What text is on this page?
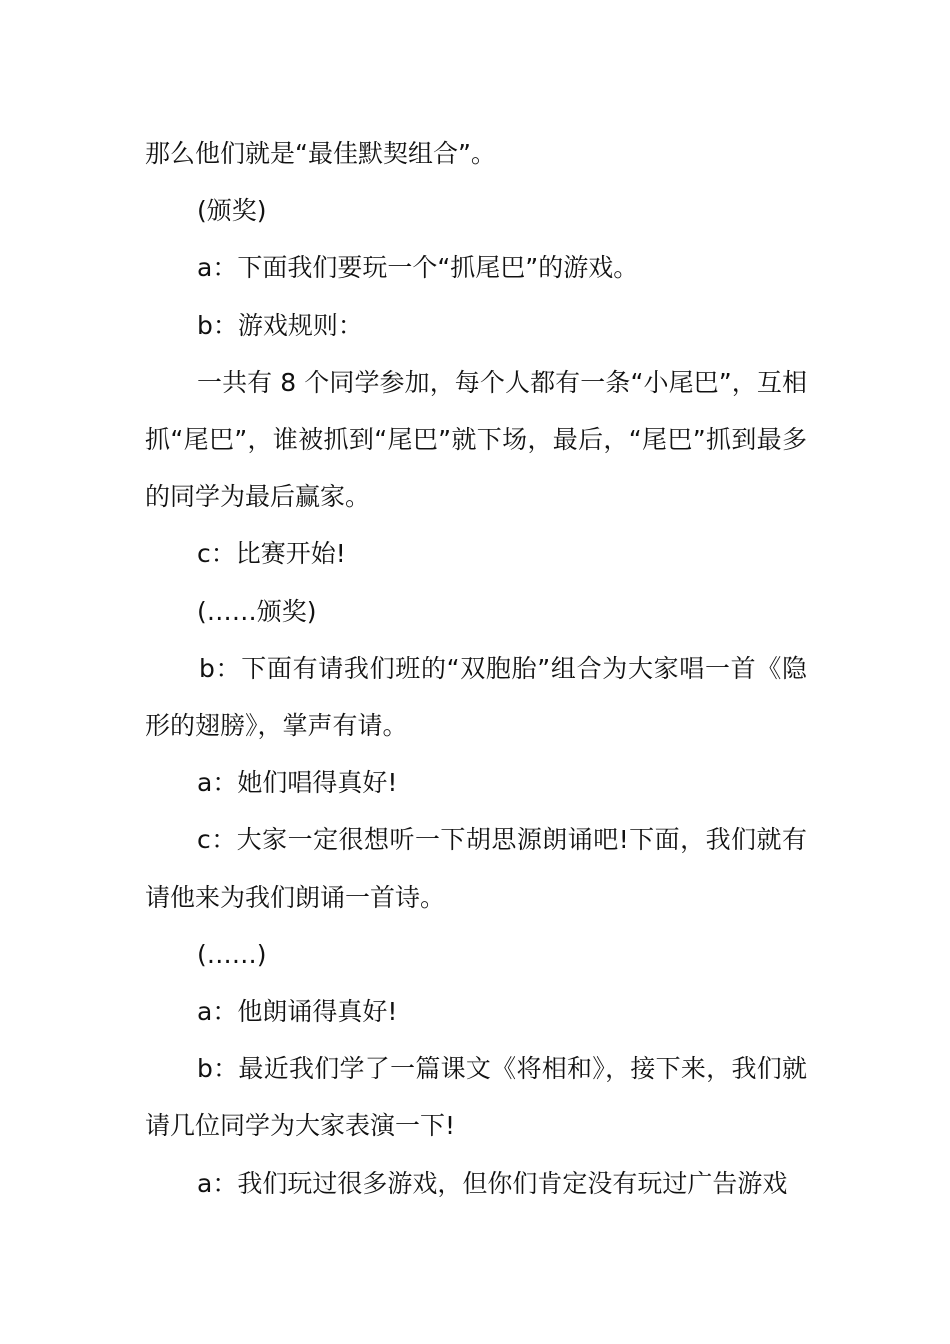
那么他们就是“最佳默契组合”。

(颁奖)

a：下面我们要玩一个“抓尾巴”的游戏。

b：游戏规则：

一共有 8 个同学参加，每个人都有一条“小尾巴”，互相抓“尾巴”，谁被抓到“尾巴”就下场，最后，“尾巴”抓到最多的同学为最后赢家。

c：比赛开始!

(……颁奖)

b：下面有请我们班的“双胞胎”组合为大家唱一首《隐形的翅膀》，掌声有请。

a：她们唱得真好!

c：大家一定很想听一下胡思源朗诵吧!下面，我们就有请他来为我们朗诵一首诗。

(……)

a：他朗诵得真好!

b：最近我们学了一篇课文《将相和》，接下来，我们就请几位同学为大家表演一下!

a：我们玩过很多游戏，但你们肯定没有玩过广告游戏
